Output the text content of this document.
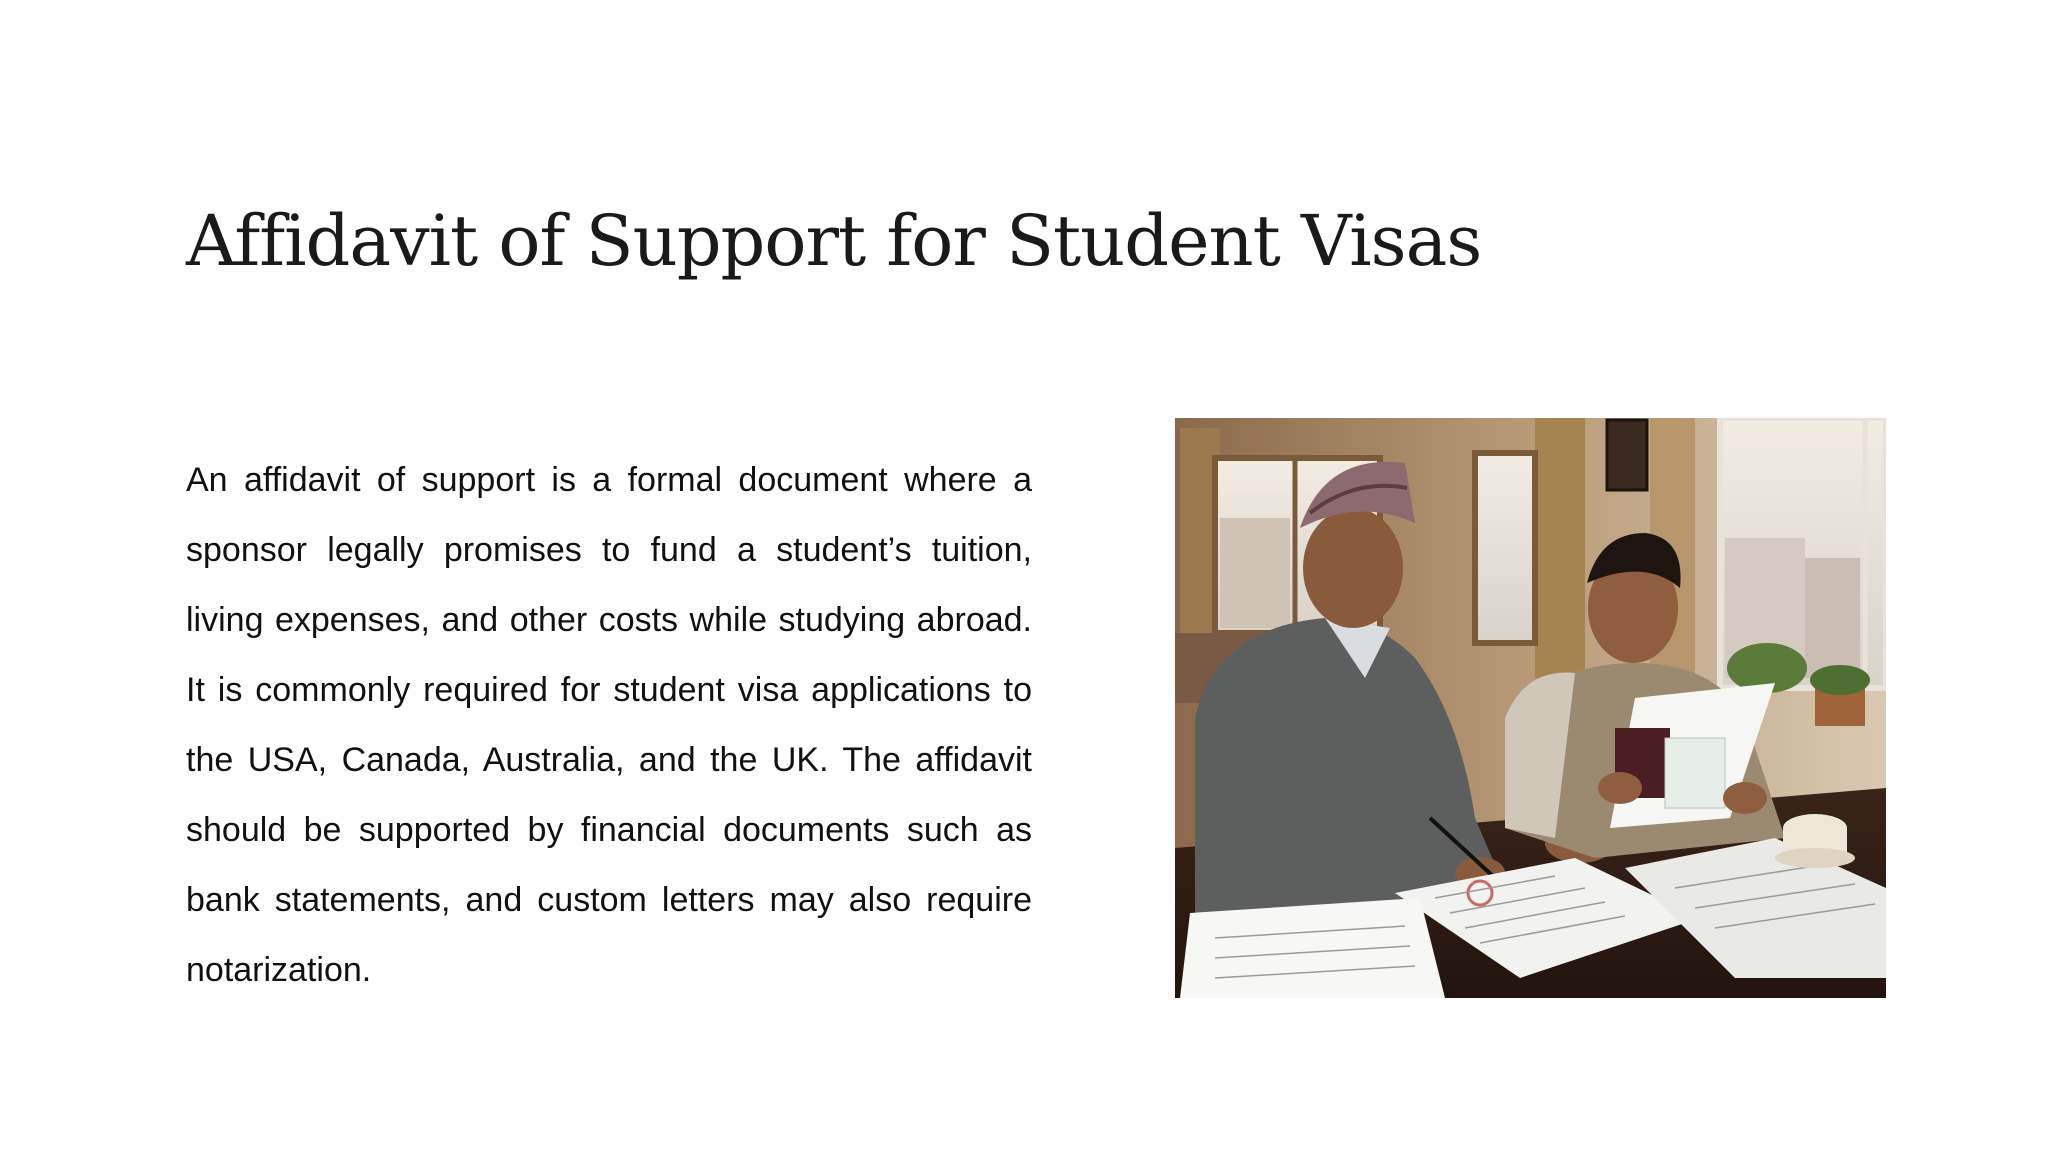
Affidavit of Support for Student Visas

An affidavit of support is a formal document where a sponsor legally promises to fund a student’s tuition, living expenses, and other costs while studying abroad. It is commonly required for student visa applications to the USA, Canada, Australia, and the UK. The affidavit should be supported by financial documents such as bank statements, and custom letters may also require notarization.
